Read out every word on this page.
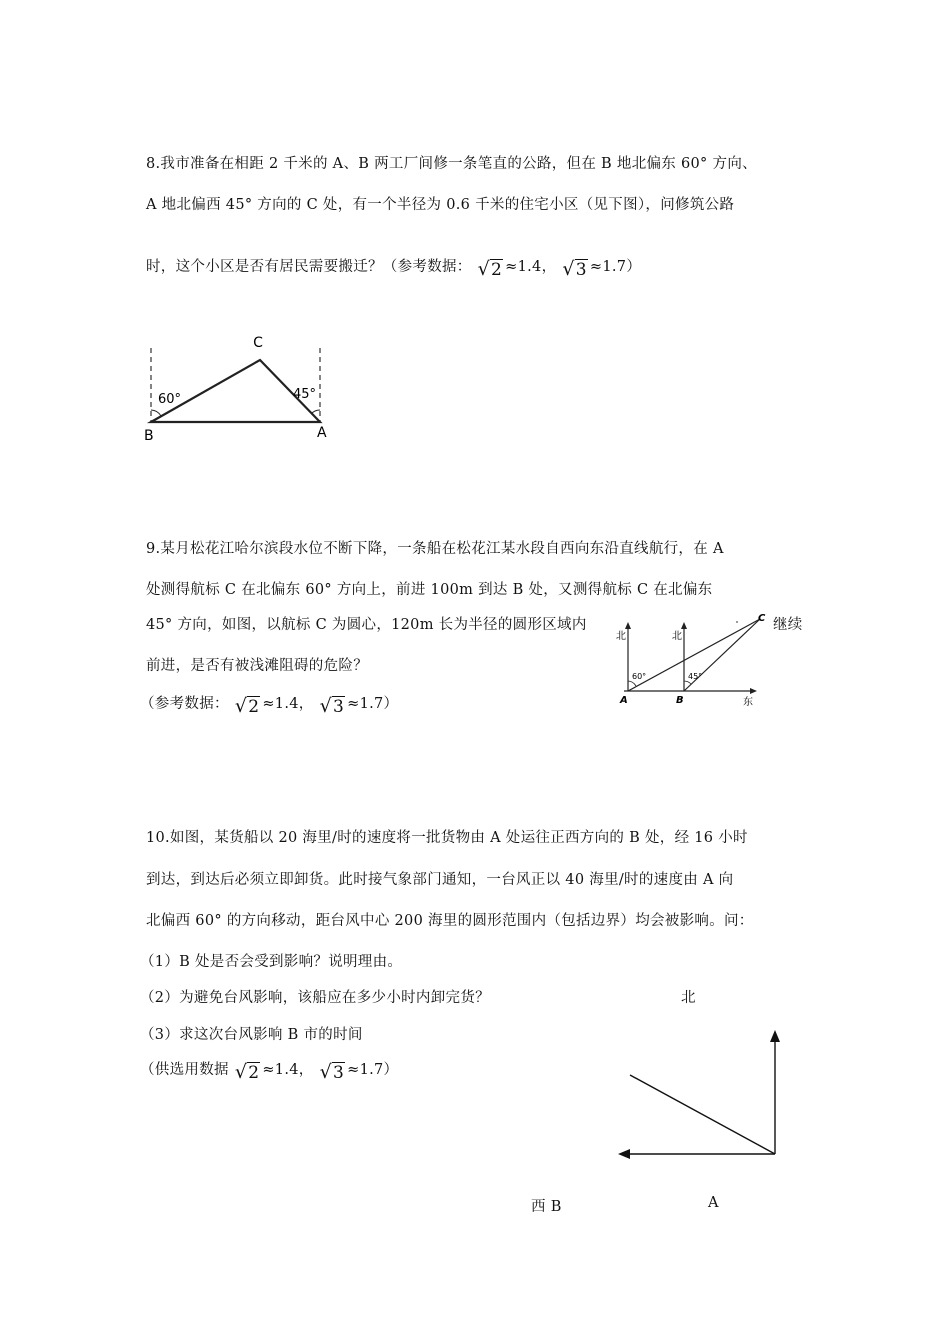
8.我市准备在相距 2 千米的 A、B 两工厂间修一条笔直的公路，但在 B 地北偏东 60° 方向、
A 地北偏西 45° 方向的 C 处，有一个半径为 0.6 千米的住宅小区（见下图），问修筑公路
时，这个小区是否有居民需要搬迁？（参考数据： √2 ≈1.4， √3 ≈1.7）
C
B	A
60°	45°
9.某月松花江哈尔滨段水位不断下降，一条船在松花江某水段自西向东沿直线航行，在 A
处测得航标 C 在北偏东 60° 方向上，前进 100m 到达 B 处，又测得航标 C 在北偏东
45° 方向，如图，以航标 C 为圆心，120m 长为半径的圆形区域内	继续
前进，是否有被浅滩阻碍的危险？
（参考数据： √2 ≈1.4， √3 ≈1.7）
北	北
东
A	B
C
60°	45°
10.如图，某货船以 20 海里/时的速度将一批货物由 A 处运往正西方向的 B 处，经 16 小时
到达，到达后必须立即卸货。此时接气象部门通知，一台风正以 40 海里/时的速度由 A 向
北偏西 60° 的方向移动，距台风中心 200 海里的圆形范围内（包括边界）均会被影响。问：
（1）B 处是否会受到影响？说明理由。
（2）为避免台风影响，该船应在多少小时内卸完货？
（3）求这次台风影响 B 市的时间
（供选用数据 √2 ≈1.4， √3 ≈1.7）
北
西 B	A
